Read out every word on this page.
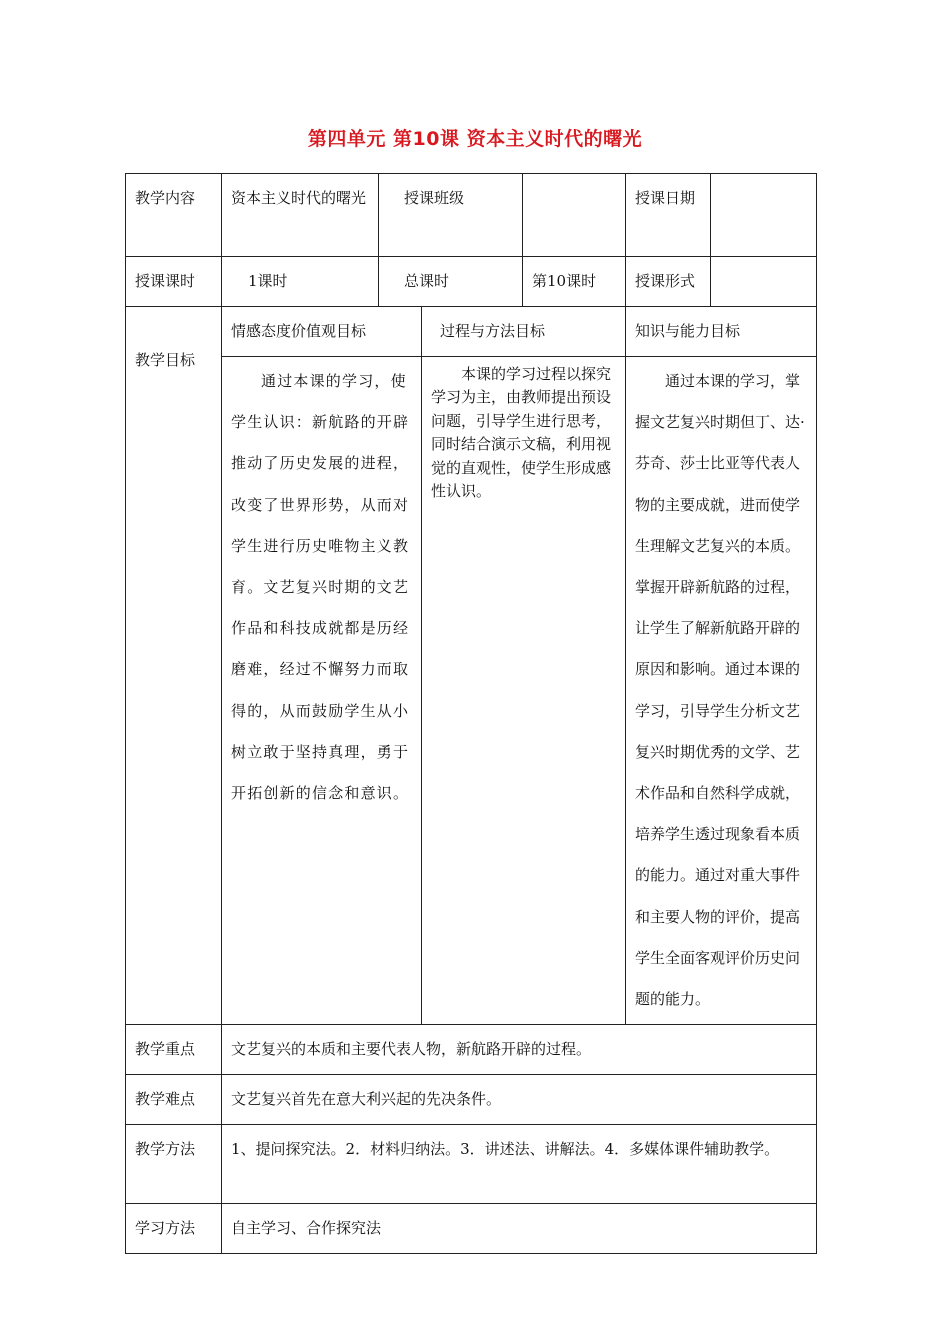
第四单元 第10课 资本主义时代的曙光
教学内容	资本主义时代的曙光	授课班级			授课日期	
授课课时	1课时	总课时		第10课时	授课形式	
教学目标	情感态度价值观目标		过程与方法目标		知识与能力目标	
	通过本课的学习，使学生认识：新航路的开辟推动了历史发展的进程，改变了世界形势，从而对学生进行历史唯物主义教育。文艺复兴时期的文艺作品和科技成就都是历经磨难，经过不懈努力而取得的，从而鼓励学生从小树立敢于坚持真理，勇于开拓创新的信念和意识。		本课的学习过程以探究学习为主，由教师提出预设问题，引导学生进行思考，同时结合演示文稿，利用视觉的直观性，使学生形成感性认识。		通过本课的学习，掌握文艺复兴时期但丁、达·芬奇、莎士比亚等代表人物的主要成就，进而使学生理解文艺复兴的本质。掌握开辟新航路的过程，让学生了解新航路开辟的原因和影响。通过本课的学习，引导学生分析文艺复兴时期优秀的文学、艺术作品和自然科学成就，培养学生透过现象看本质的能力。通过对重大事件和主要人物的评价，提高学生全面客观评价历史问题的能力。	
教学重点	文艺复兴的本质和主要代表人物，新航路开辟的过程。					
教学难点	文艺复兴首先在意大利兴起的先决条件。					
教学方法	1、提问探究法。2．材料归纳法。3．讲述法、讲解法。4．多媒体课件辅助教学。					
学习方法	自主学习、合作探究法					
